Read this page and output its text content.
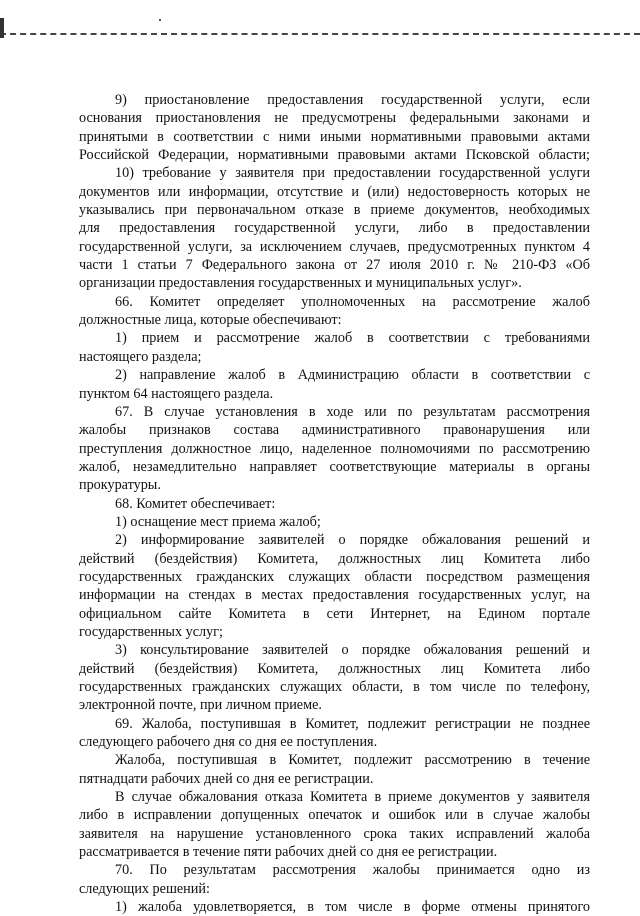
9) приостановление предоставления государственной услуги, если
основания приостановления не предусмотрены федеральными законами и
принятыми в соответствии с ними иными нормативными правовыми актами
Российской Федерации, нормативными правовыми актами Псковской области;
10) требование у заявителя при предоставлении государственной услуги
документов или информации, отсутствие и (или) недостоверность которых не
указывались при первоначальном отказе в приеме документов, необходимых
для предоставления государственной услуги, либо в предоставлении
государственной услуги, за исключением случаев, предусмотренных пунктом 4
части 1 статьи 7 Федерального закона от 27 июля 2010 г. № 210-ФЗ «Об
организации предоставления государственных и муниципальных услуг».
66. Комитет определяет уполномоченных на рассмотрение жалоб
должностные лица, которые обеспечивают:
1) прием и рассмотрение жалоб в соответствии с требованиями
настоящего раздела;
2) направление жалоб в Администрацию области в соответствии с
пунктом 64 настоящего раздела.
67. В случае установления в ходе или по результатам рассмотрения
жалобы признаков состава административного правонарушения или
преступления должностное лицо, наделенное полномочиями по рассмотрению
жалоб, незамедлительно направляет соответствующие материалы в органы
прокуратуры.
68. Комитет обеспечивает:
1) оснащение мест приема жалоб;
2) информирование заявителей о порядке обжалования решений и
действий (бездействия) Комитета, должностных лиц Комитета либо
государственных гражданских служащих области посредством размещения
информации на стендах в местах предоставления государственных услуг, на
официальном сайте Комитета в сети Интернет, на Едином портале
государственных услуг;
3) консультирование заявителей о порядке обжалования решений и
действий (бездействия) Комитета, должностных лиц Комитета либо
государственных гражданских служащих области, в том числе по телефону,
электронной почте, при личном приеме.
69. Жалоба, поступившая в Комитет, подлежит регистрации не позднее
следующего рабочего дня со дня ее поступления.
Жалоба, поступившая в Комитет, подлежит рассмотрению в течение
пятнадцати рабочих дней со дня ее регистрации.
В случае обжалования отказа Комитета в приеме документов у заявителя
либо в исправлении допущенных опечаток и ошибок или в случае жалобы
заявителя на нарушение установленного срока таких исправлений жалоба
рассматривается в течение пяти рабочих дней со дня ее регистрации.
70. По результатам рассмотрения жалобы принимается одно из
следующих решений:
1) жалоба удовлетворяется, в том числе в форме отмены принятого
